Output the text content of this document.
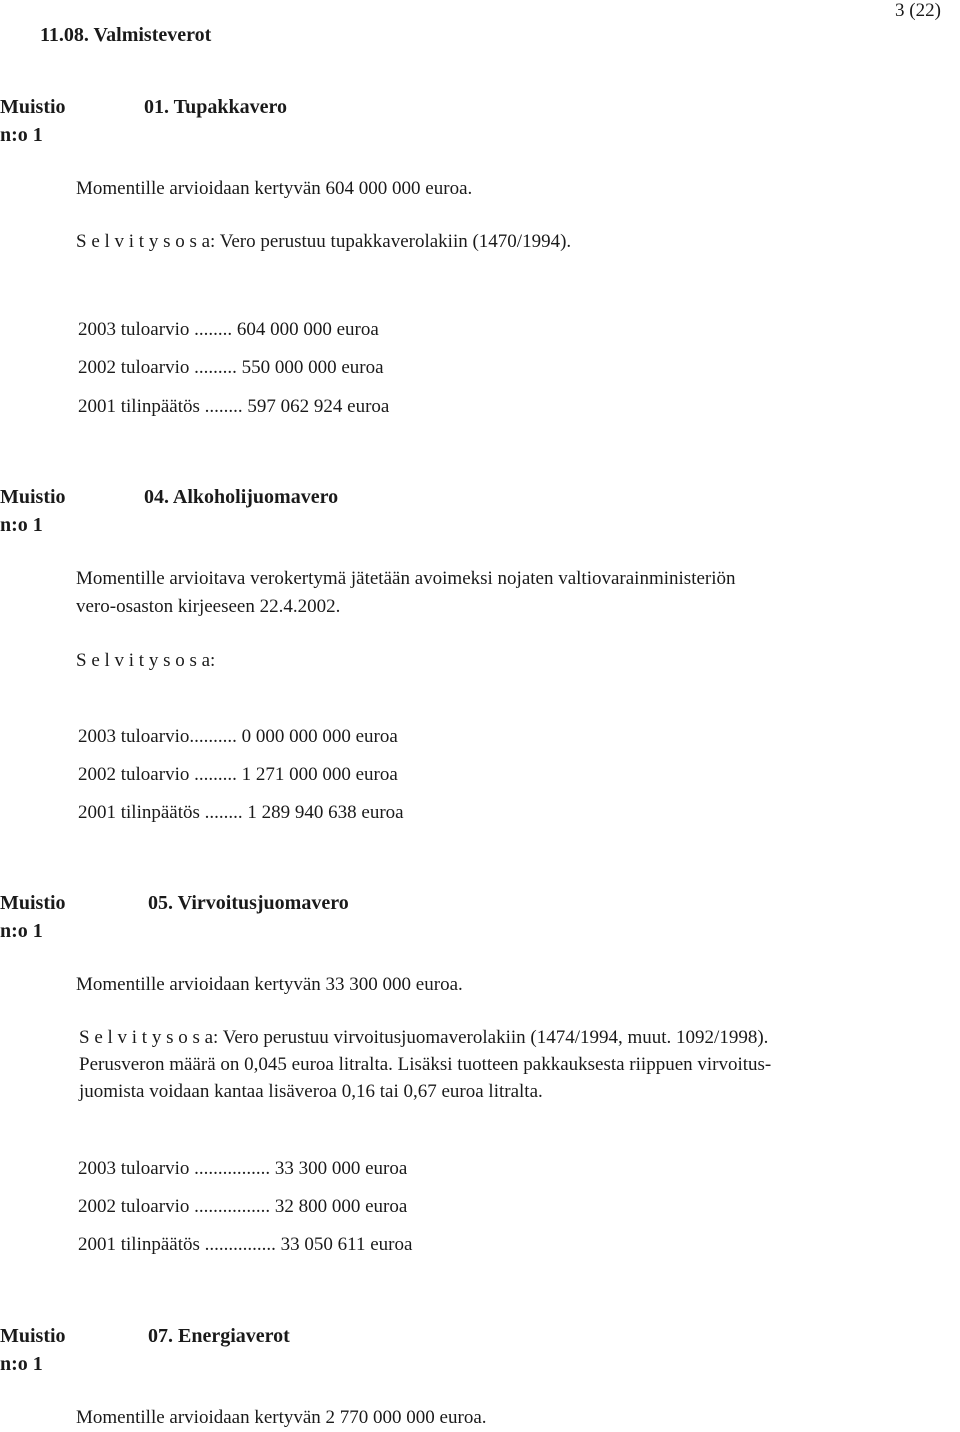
11.08. Valmisteverot
3 (22)
Muistio
n:o 1
01. Tupakkavero
Momentille arvioidaan kertyvän 604 000 000 euroa.
S e l v i t y s o s a: Vero perustuu tupakkaverolakiin (1470/1994).
2003 tuloarvio ........ 604 000 000 euroa
2002 tuloarvio ......... 550 000 000 euroa
2001 tilinpäätös ........ 597 062 924 euroa
Muistio
n:o 1
04. Alkoholijuomavero
Momentille arvioitava verokertymä jätetään avoimeksi nojaten valtiovarainministeriön
vero-osaston kirjeeseen 22.4.2002.
S e l v i t y s o s a:
2003 tuloarvio.......... 0 000 000 000 euroa
2002 tuloarvio ......... 1 271 000 000 euroa
2001 tilinpäätös ........ 1 289 940 638 euroa
Muistio
n:o 1
05. Virvoitusjuomavero
Momentille arvioidaan kertyvän 33 300 000 euroa.
S e l v i t y s o s a: Vero perustuu virvoitusjuomaverolakiin (1474/1994, muut. 1092/1998).
Perusveron määrä on 0,045 euroa litralta. Lisäksi tuotteen pakkauksesta riippuen virvoitus-
juomista voidaan kantaa lisäveroa 0,16 tai 0,67 euroa litralta.
2003 tuloarvio ................ 33 300 000 euroa
2002 tuloarvio ................ 32 800 000 euroa
2001 tilinpäätös ............... 33 050 611 euroa
Muistio
n:o 1
07. Energiaverot
Momentille arvioidaan kertyvän 2 770 000 000 euroa.
